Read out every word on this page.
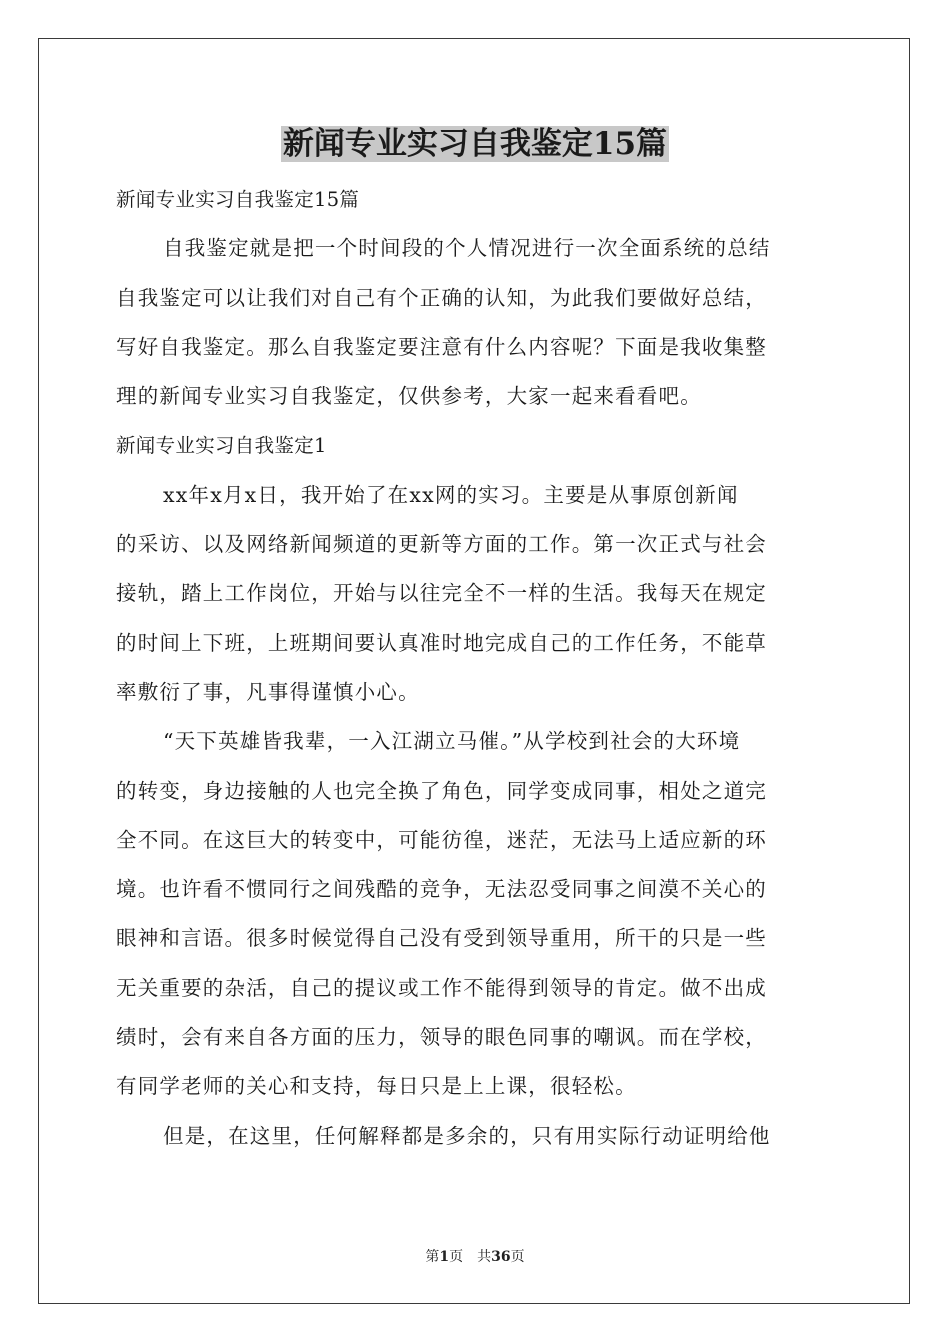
新闻专业实习自我鉴定15篇
新闻专业实习自我鉴定15篇
自我鉴定就是把一个时间段的个人情况进行一次全面系统的总结
自我鉴定可以让我们对自己有个正确的认知，为此我们要做好总结，
写好自我鉴定。那么自我鉴定要注意有什么内容呢？下面是我收集整
理的新闻专业实习自我鉴定，仅供参考，大家一起来看看吧。
新闻专业实习自我鉴定1
xx年x月x日，我开始了在xx网的实习。主要是从事原创新闻
的采访、以及网络新闻频道的更新等方面的工作。第一次正式与社会
接轨，踏上工作岗位，开始与以往完全不一样的生活。我每天在规定
的时间上下班，上班期间要认真准时地完成自己的工作任务，不能草
率敷衍了事，凡事得谨慎小心。
“天下英雄皆我辈，一入江湖立马催。”从学校到社会的大环境
的转变，身边接触的人也完全换了角色，同学变成同事，相处之道完
全不同。在这巨大的转变中，可能彷徨，迷茫，无法马上适应新的环
境。也许看不惯同行之间残酷的竞争，无法忍受同事之间漠不关心的
眼神和言语。很多时候觉得自己没有受到领导重用，所干的只是一些
无关重要的杂活，自己的提议或工作不能得到领导的肯定。做不出成
绩时，会有来自各方面的压力，领导的眼色同事的嘲讽。而在学校，
有同学老师的关心和支持，每日只是上上课，很轻松。
但是，在这里，任何解释都是多余的，只有用实际行动证明给他
第1页　共36页
